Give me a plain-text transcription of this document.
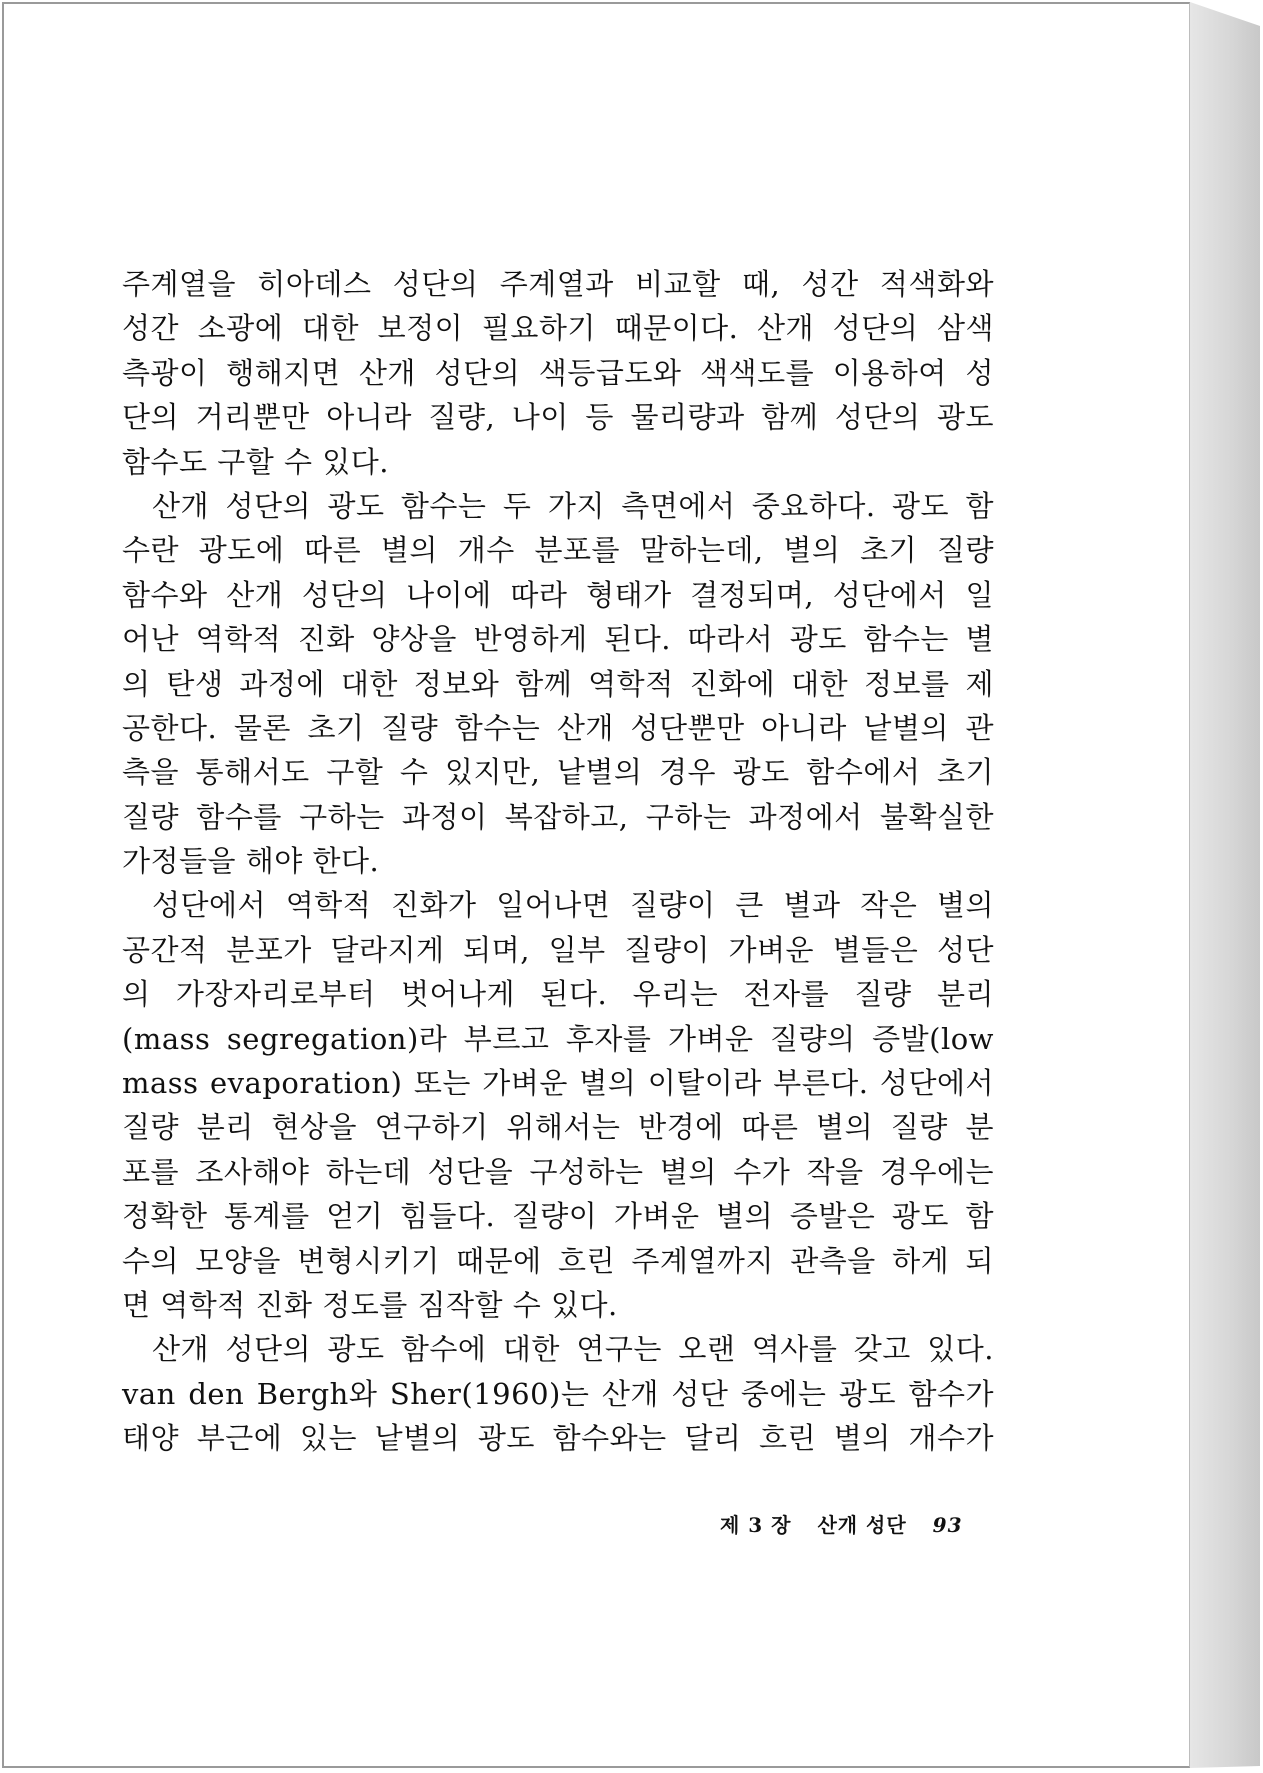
주계열을 히아데스 성단의 주계열과 비교할 때, 성간 적색화와
성간 소광에 대한 보정이 필요하기 때문이다. 산개 성단의 삼색
측광이 행해지면 산개 성단의 색등급도와 색색도를 이용하여 성
단의 거리뿐만 아니라 질량, 나이 등 물리량과 함께 성단의 광도
함수도 구할 수 있다.
산개 성단의 광도 함수는 두 가지 측면에서 중요하다. 광도 함
수란 광도에 따른 별의 개수 분포를 말하는데, 별의 초기 질량
함수와 산개 성단의 나이에 따라 형태가 결정되며, 성단에서 일
어난 역학적 진화 양상을 반영하게 된다. 따라서 광도 함수는 별
의 탄생 과정에 대한 정보와 함께 역학적 진화에 대한 정보를 제
공한다. 물론 초기 질량 함수는 산개 성단뿐만 아니라 낱별의 관
측을 통해서도 구할 수 있지만, 낱별의 경우 광도 함수에서 초기
질량 함수를 구하는 과정이 복잡하고, 구하는 과정에서 불확실한
가정들을 해야 한다.
성단에서 역학적 진화가 일어나면 질량이 큰 별과 작은 별의
공간적 분포가 달라지게 되며, 일부 질량이 가벼운 별들은 성단
의 가장자리로부터 벗어나게 된다. 우리는 전자를 질량 분리
(mass segregation)라 부르고 후자를 가벼운 질량의 증발(low
mass evaporation) 또는 가벼운 별의 이탈이라 부른다. 성단에서
질량 분리 현상을 연구하기 위해서는 반경에 따른 별의 질량 분
포를 조사해야 하는데 성단을 구성하는 별의 수가 작을 경우에는
정확한 통계를 얻기 힘들다. 질량이 가벼운 별의 증발은 광도 함
수의 모양을 변형시키기 때문에 흐린 주계열까지 관측을 하게 되
면 역학적 진화 정도를 짐작할 수 있다.
산개 성단의 광도 함수에 대한 연구는 오랜 역사를 갖고 있다.
van den Bergh와 Sher(1960)는 산개 성단 중에는 광도 함수가
태양 부근에 있는 낱별의 광도 함수와는 달리 흐린 별의 개수가
제 3 장 산개 성단 93
